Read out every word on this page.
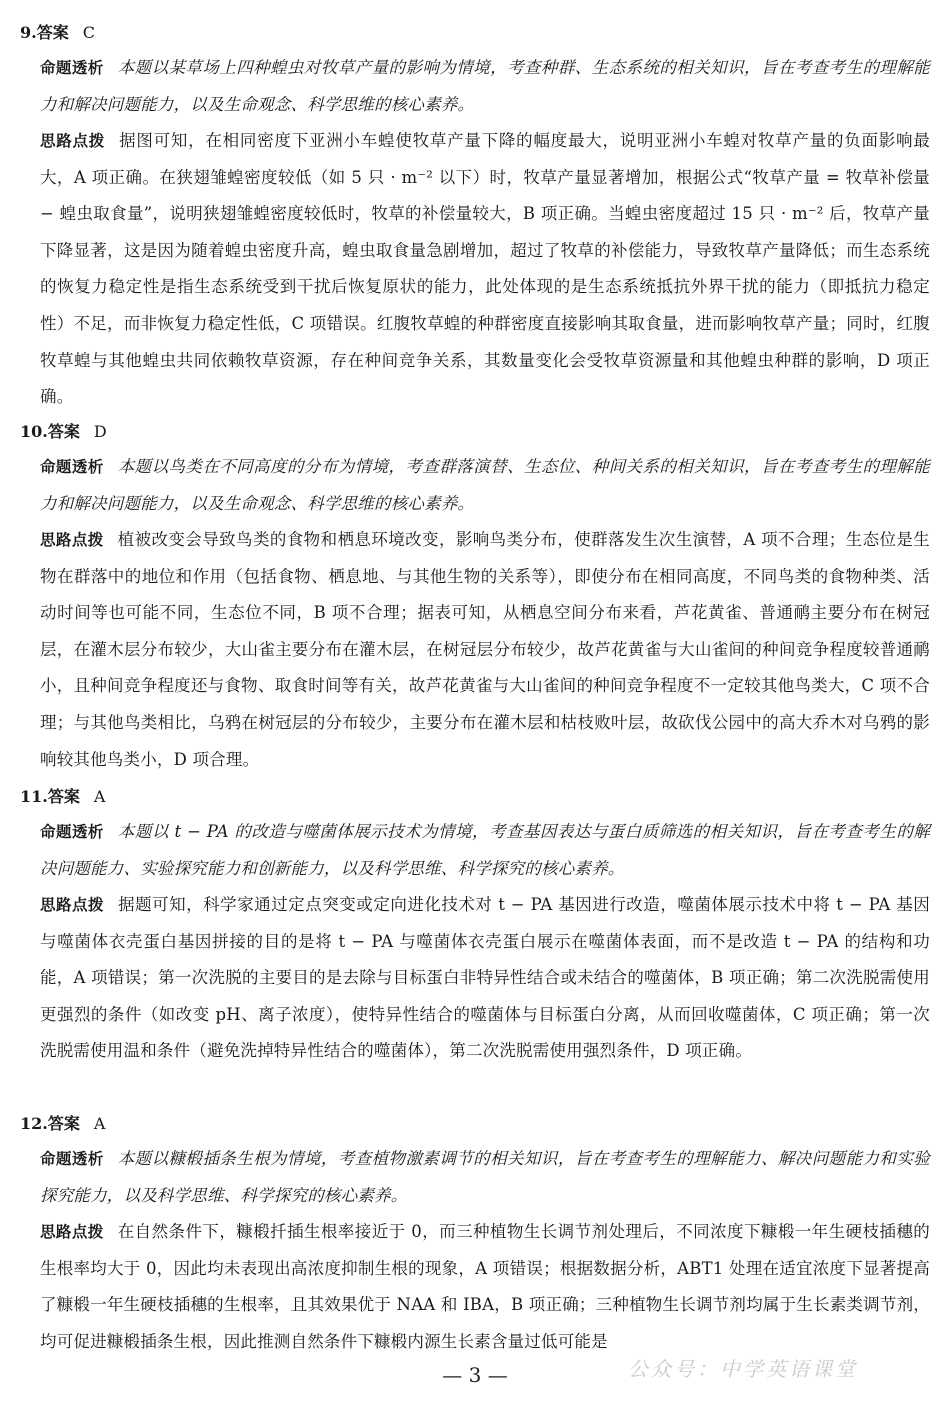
9.答案 C
命题透析 本题以某草场上四种蝗虫对牧草产量的影响为情境，考查种群、生态系统的相关知识，旨在考查考生的理解能力和解决问题能力，以及生命观念、科学思维的核心素养。
思路点拨 据图可知，在相同密度下亚洲小车蝗使牧草产量下降的幅度最大，说明亚洲小车蝗对牧草产量的负面影响最大，A 项正确。在狭翅雏蝗密度较低（如 5 只 · m⁻² 以下）时，牧草产量显著增加，根据公式“牧草产量 = 牧草补偿量 − 蝗虫取食量”，说明狭翅雏蝗密度较低时，牧草的补偿量较大，B 项正确。当蝗虫密度超过 15 只 · m⁻² 后，牧草产量下降显著，这是因为随着蝗虫密度升高，蝗虫取食量急剧增加，超过了牧草的补偿能力，导致牧草产量降低；而生态系统的恢复力稳定性是指生态系统受到干扰后恢复原状的能力，此处体现的是生态系统抵抗外界干扰的能力（即抵抗力稳定性）不足，而非恢复力稳定性低，C 项错误。红腹牧草蝗的种群密度直接影响其取食量，进而影响牧草产量；同时，红腹牧草蝗与其他蝗虫共同依赖牧草资源，存在种间竞争关系，其数量变化会受牧草资源量和其他蝗虫种群的影响，D 项正确。
10.答案 D
命题透析 本题以鸟类在不同高度的分布为情境，考查群落演替、生态位、种间关系的相关知识，旨在考查考生的理解能力和解决问题能力，以及生命观念、科学思维的核心素养。
思路点拨 植被改变会导致鸟类的食物和栖息环境改变，影响鸟类分布，使群落发生次生演替，A 项不合理；生态位是生物在群落中的地位和作用（包括食物、栖息地、与其他生物的关系等），即使分布在相同高度，不同鸟类的食物种类、活动时间等也可能不同，生态位不同，B 项不合理；据表可知，从栖息空间分布来看，芦花黄雀、普通鸸主要分布在树冠层，在灌木层分布较少，大山雀主要分布在灌木层，在树冠层分布较少，故芦花黄雀与大山雀间的种间竞争程度较普通鸸小，且种间竞争程度还与食物、取食时间等有关，故芦花黄雀与大山雀间的种间竞争程度不一定较其他鸟类大，C 项不合理；与其他鸟类相比，乌鸦在树冠层的分布较少，主要分布在灌木层和枯枝败叶层，故砍伐公园中的高大乔木对乌鸦的影响较其他鸟类小，D 项合理。
11.答案 A
命题透析 本题以 t − PA 的改造与噬菌体展示技术为情境，考查基因表达与蛋白质筛选的相关知识，旨在考查考生的解决问题能力、实验探究能力和创新能力，以及科学思维、科学探究的核心素养。
思路点拨 据题可知，科学家通过定点突变或定向进化技术对 t − PA 基因进行改造，噬菌体展示技术中将 t − PA 基因与噬菌体衣壳蛋白基因拼接的目的是将 t − PA 与噬菌体衣壳蛋白展示在噬菌体表面，而不是改造 t − PA 的结构和功能，A 项错误；第一次洗脱的主要目的是去除与目标蛋白非特异性结合或未结合的噬菌体，B 项正确；第二次洗脱需使用更强烈的条件（如改变 pH、离子浓度），使特异性结合的噬菌体与目标蛋白分离，从而回收噬菌体，C 项正确；第一次洗脱需使用温和条件（避免洗掉特异性结合的噬菌体），第二次洗脱需使用强烈条件，D 项正确。
12.答案 A
命题透析 本题以糠椴插条生根为情境，考查植物激素调节的相关知识，旨在考查考生的理解能力、解决问题能力和实验探究能力，以及科学思维、科学探究的核心素养。
思路点拨 在自然条件下，糠椴扦插生根率接近于 0，而三种植物生长调节剂处理后，不同浓度下糠椴一年生硬枝插穗的生根率均大于 0，因此均未表现出高浓度抑制生根的现象，A 项错误；根据数据分析，ABT1 处理在适宜浓度下显著提高了糠椴一年生硬枝插穗的生根率，且其效果优于 NAA 和 IBA，B 项正确；三种植物生长调节剂均属于生长素类调节剂，均可促进糠椴插条生根，因此推测自然条件下糠椴内源生长素含量过低可能是
— 3 —	公众号：中学英语课堂
